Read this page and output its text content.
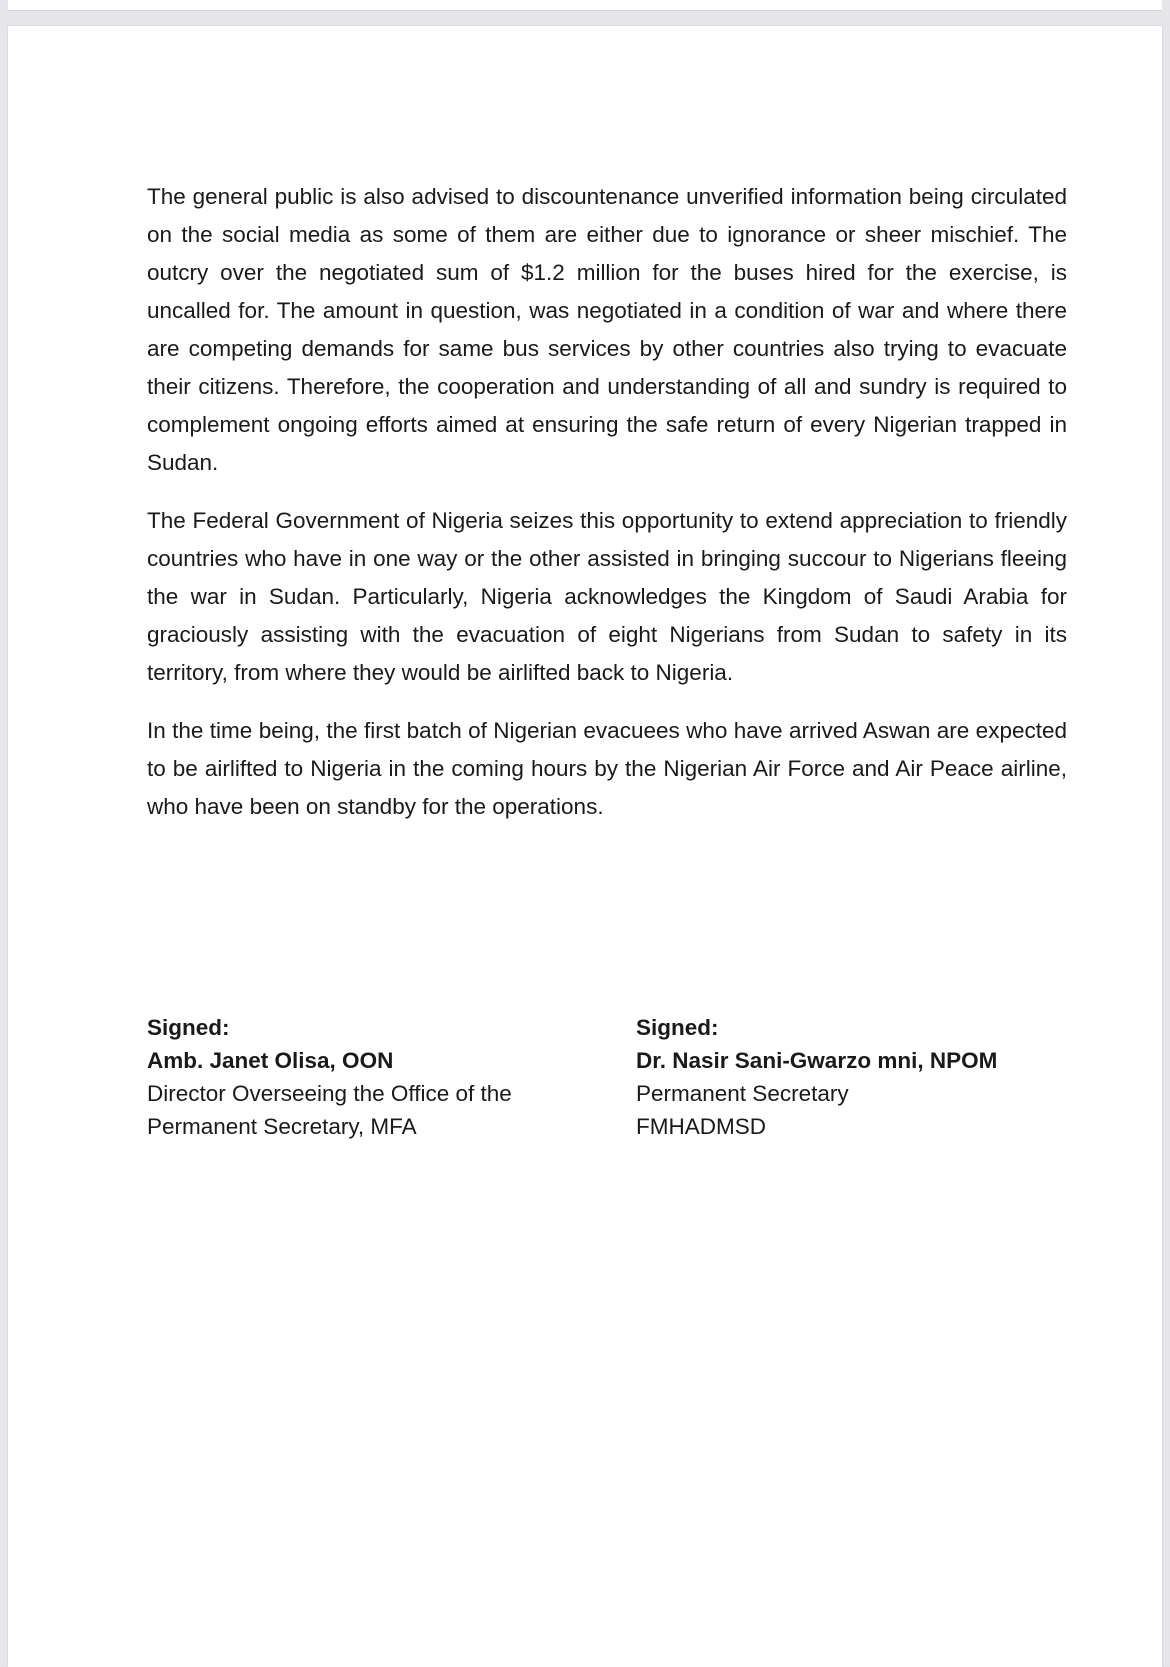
The general public is also advised to discountenance unverified information being circulated on the social media as some of them are either due to ignorance or sheer mischief. The outcry over the negotiated sum of $1.2 million for the buses hired for the exercise, is uncalled for. The amount in question, was negotiated in a condition of war and where there are competing demands for same bus services by other countries also trying to evacuate their citizens. Therefore, the cooperation and understanding of all and sundry is required to complement ongoing efforts aimed at ensuring the safe return of every Nigerian trapped in Sudan.

The Federal Government of Nigeria seizes this opportunity to extend appreciation to friendly countries who have in one way or the other assisted in bringing succour to Nigerians fleeing the war in Sudan. Particularly, Nigeria acknowledges the Kingdom of Saudi Arabia for graciously assisting with the evacuation of eight Nigerians from Sudan to safety in its territory, from where they would be airlifted back to Nigeria.

In the time being, the first batch of Nigerian evacuees who have arrived Aswan are expected to be airlifted to Nigeria in the coming hours by the Nigerian Air Force and Air Peace airline, who have been on standby for the operations.

Signed:
Amb. Janet Olisa, OON
Director Overseeing the Office of the
Permanent Secretary, MFA
Signed:
Dr. Nasir Sani-Gwarzo mni, NPOM
Permanent Secretary
FMHADMSD
